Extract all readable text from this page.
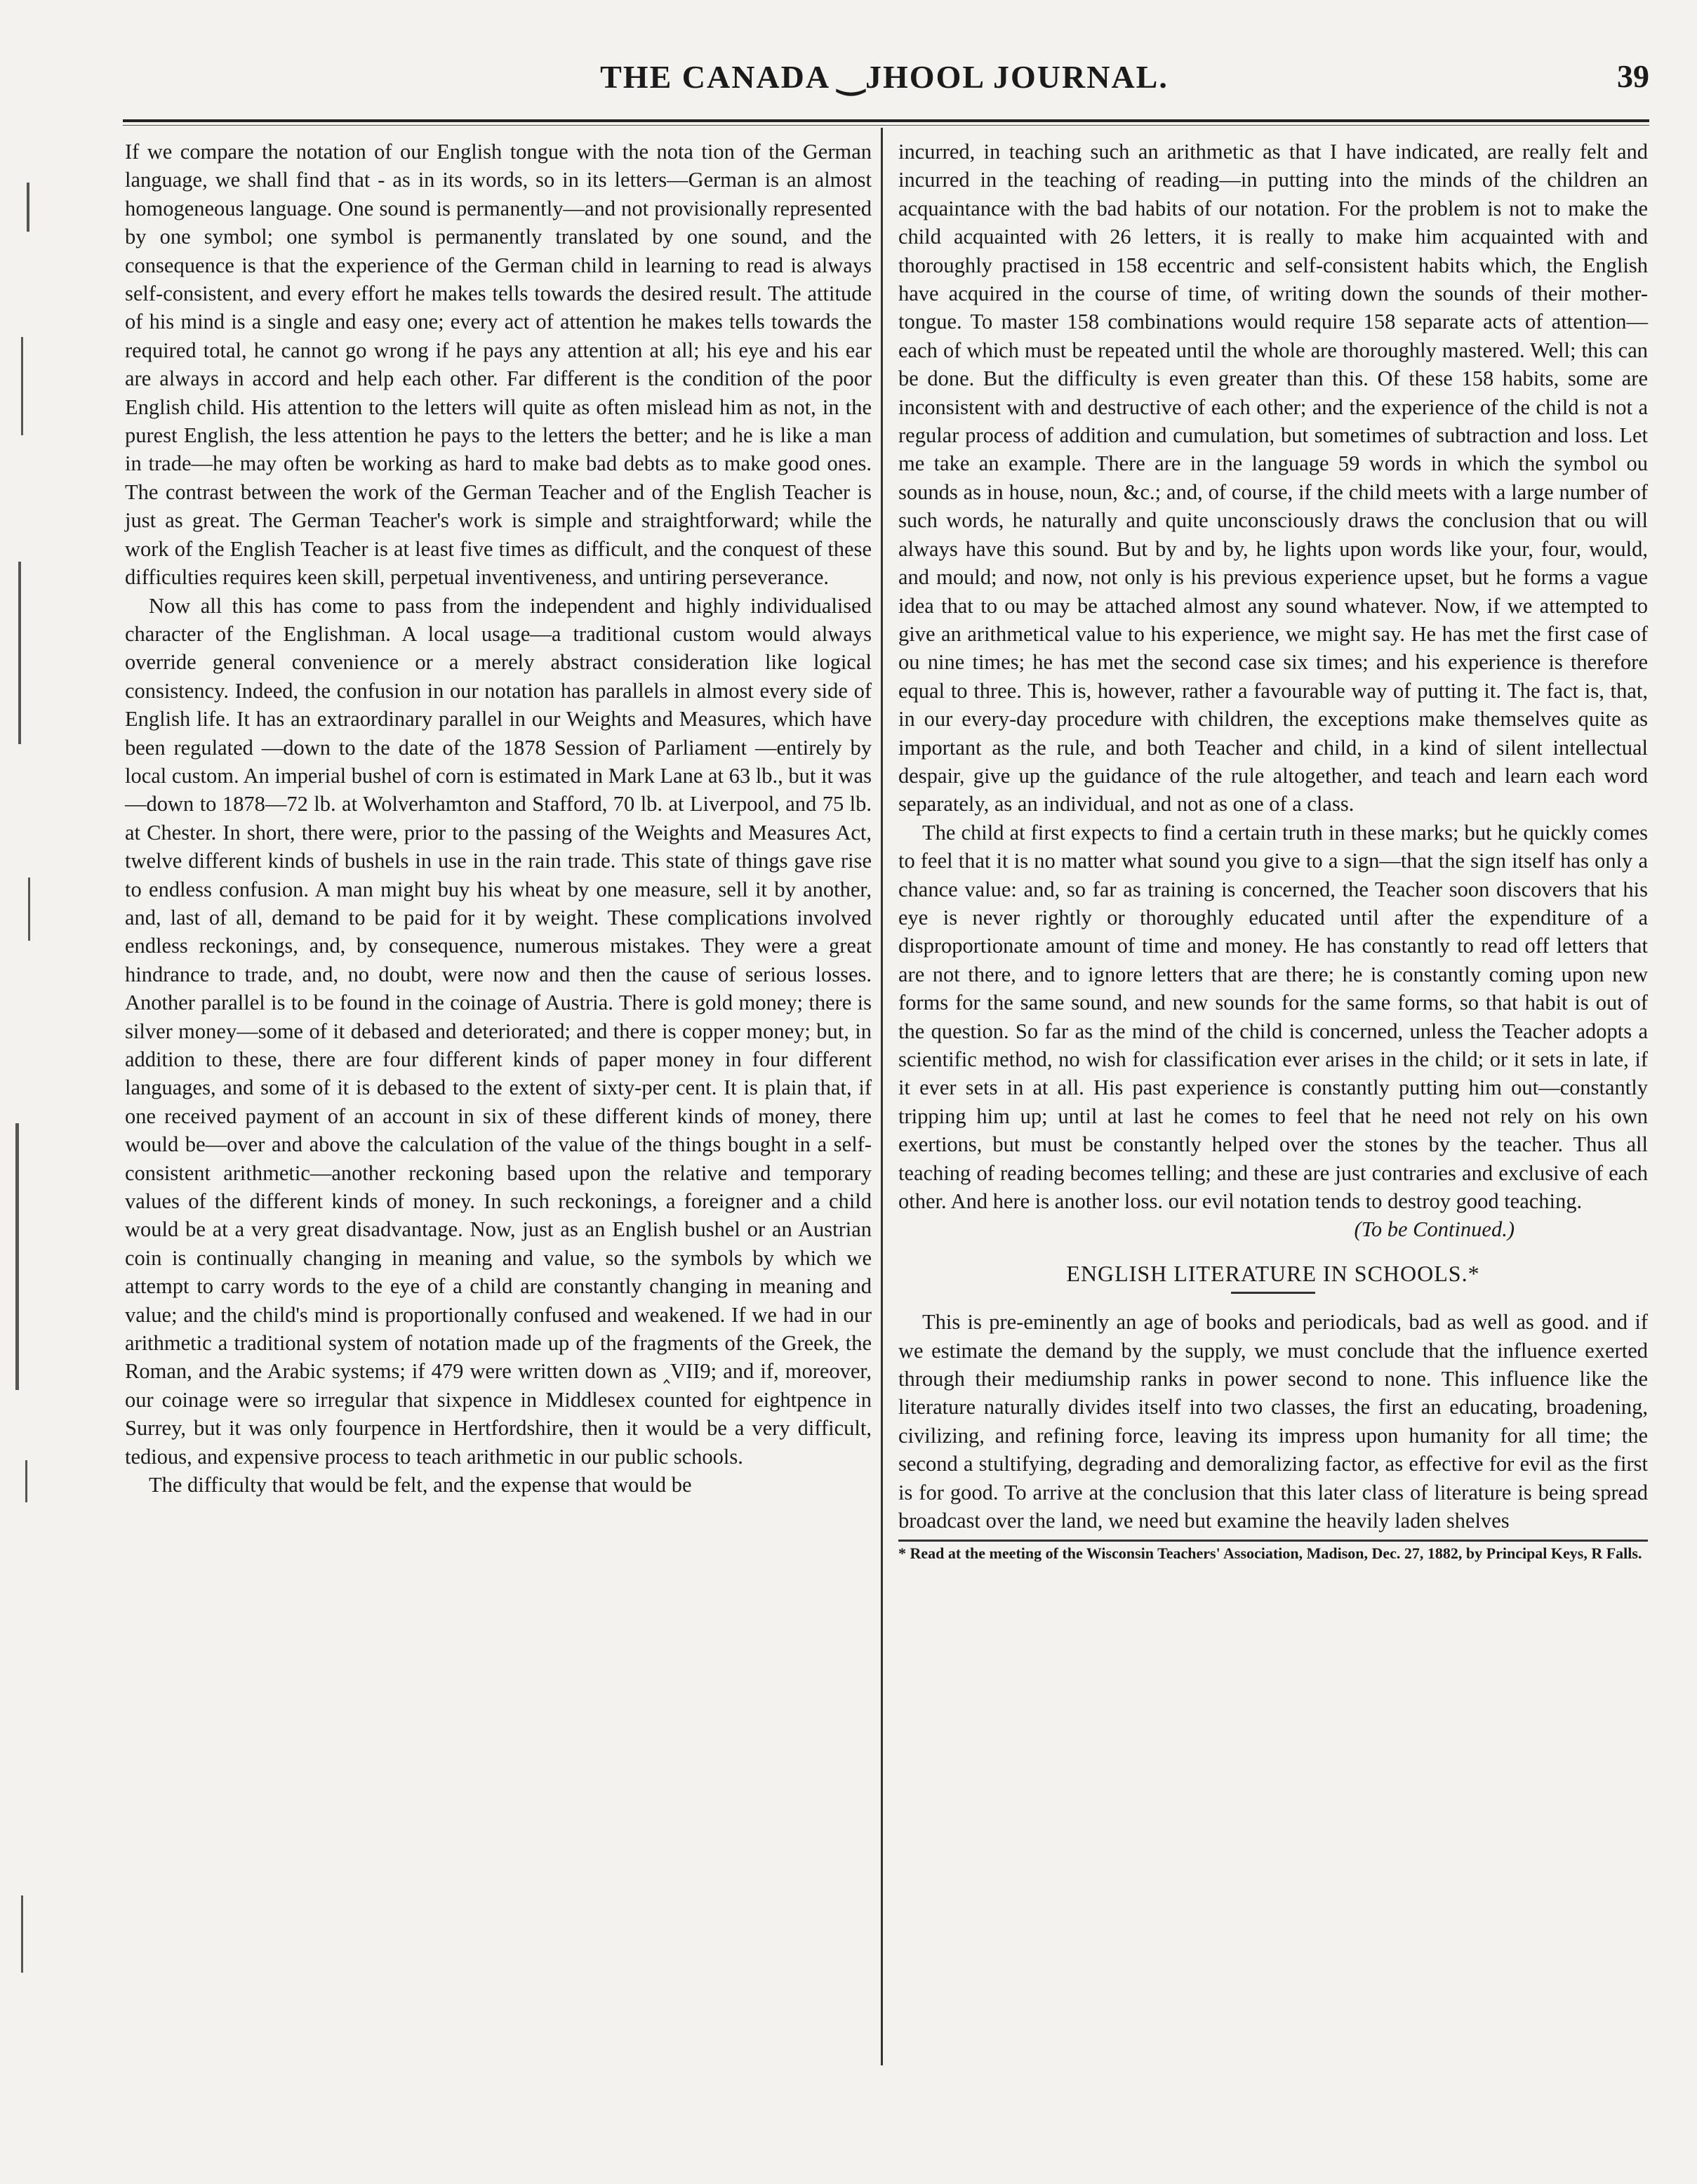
THE CANADA ‿JHOOL JOURNAL.	39

If we compare the notation of our English tongue with the nota tion of the German language, we shall find that - as in its words, so in its letters—German is an almost homogeneous language. One sound is permanently—and not provisionally represented by one symbol; one symbol is permanently translated by one sound, and the consequence is that the experience of the German child in learning to read is always self-consistent, and every effort he makes tells towards the desired result. The attitude of his mind is a single and easy one; every act of attention he makes tells towards the required total, he cannot go wrong if he pays any attention at all; his eye and his ear are always in accord and help each other. Far different is the condition of the poor English child. His attention to the letters will quite as often mislead him as not, in the purest English, the less attention he pays to the letters the better; and he is like a man in trade—he may often be working as hard to make bad debts as to make good ones. The contrast between the work of the German Teacher and of the English Teacher is just as great. The German Teacher's work is simple and straightforward; while the work of the English Teacher is at least five times as difficult, and the conquest of these difficulties requires keen skill, perpetual inventiveness, and untiring perseverance.

Now all this has come to pass from the independent and highly individualised character of the Englishman. A local usage—a traditional custom would always override general convenience or a merely abstract consideration like logical consistency. Indeed, the confusion in our notation has parallels in almost every side of English life. It has an extraordinary parallel in our Weights and Measures, which have been regulated —down to the date of the 1878 Session of Parliament —entirely by local custom. An imperial bushel of corn is estimated in Mark Lane at 63 lb., but it was—down to 1878—72 lb. at Wolverhamton and Stafford, 70 lb. at Liverpool, and 75 lb. at Chester. In short, there were, prior to the passing of the Weights and Measures Act, twelve different kinds of bushels in use in the rain trade. This state of things gave rise to endless confusion. A man might buy his wheat by one measure, sell it by another, and, last of all, demand to be paid for it by weight. These complications involved endless reckonings, and, by consequence, numerous mistakes. They were a great hindrance to trade, and, no doubt, were now and then the cause of serious losses. Another parallel is to be found in the coinage of Austria. There is gold money; there is silver money—some of it debased and deteriorated; and there is copper money; but, in addition to these, there are four different kinds of paper money in four different languages, and some of it is debased to the extent of sixty-per cent. It is plain that, if one received payment of an account in six of these different kinds of money, there would be—over and above the calculation of the value of the things bought in a self-consistent arithmetic—another reckoning based upon the relative and temporary values of the different kinds of money. In such reckonings, a foreigner and a child would be at a very great disadvantage. Now, just as an English bushel or an Austrian coin is continually changing in meaning and value, so the symbols by which we attempt to carry words to the eye of a child are constantly changing in meaning and value; and the child's mind is proportionally confused and weakened. If we had in our arithmetic a traditional system of notation made up of the fragments of the Greek, the Roman, and the Arabic systems; if 479 were written down as ‸VII9; and if, moreover, our coinage were so irregular that sixpence in Middlesex counted for eightpence in Surrey, but it was only fourpence in Hertfordshire, then it would be a very difficult, tedious, and expensive process to teach arithmetic in our public schools.

The difficulty that would be felt, and the expense that would be

incurred, in teaching such an arithmetic as that I have indicated, are really felt and incurred in the teaching of reading—in putting into the minds of the children an acquaintance with the bad habits of our notation. For the problem is not to make the child acquainted with 26 letters, it is really to make him acquainted with and thoroughly practised in 158 eccentric and self-consistent habits which, the English have acquired in the course of time, of writing down the sounds of their mother-tongue. To master 158 combinations would require 158 separate acts of attention—each of which must be repeated until the whole are thoroughly mastered. Well; this can be done. But the difficulty is even greater than this. Of these 158 habits, some are inconsistent with and destructive of each other; and the experience of the child is not a regular process of addition and cumulation, but sometimes of subtraction and loss. Let me take an example. There are in the language 59 words in which the symbol ou sounds as in house, noun, &c.; and, of course, if the child meets with a large number of such words, he naturally and quite unconsciously draws the conclusion that ou will always have this sound. But by and by, he lights upon words like your, four, would, and mould; and now, not only is his previous experience upset, but he forms a vague idea that to ou may be attached almost any sound whatever. Now, if we attempted to give an arithmetical value to his experience, we might say. He has met the first case of ou nine times; he has met the second case six times; and his experience is therefore equal to three. This is, however, rather a favourable way of putting it. The fact is, that, in our every-day procedure with children, the exceptions make themselves quite as important as the rule, and both Teacher and child, in a kind of silent intellectual despair, give up the guidance of the rule altogether, and teach and learn each word separately, as an individual, and not as one of a class.

The child at first expects to find a certain truth in these marks; but he quickly comes to feel that it is no matter what sound you give to a sign—that the sign itself has only a chance value: and, so far as training is concerned, the Teacher soon discovers that his eye is never rightly or thoroughly educated until after the expenditure of a disproportionate amount of time and money. He has constantly to read off letters that are not there, and to ignore letters that are there; he is constantly coming upon new forms for the same sound, and new sounds for the same forms, so that habit is out of the question. So far as the mind of the child is concerned, unless the Teacher adopts a scientific method, no wish for classification ever arises in the child; or it sets in late, if it ever sets in at all. His past experience is constantly putting him out—constantly tripping him up; until at last he comes to feel that he need not rely on his own exertions, but must be constantly helped over the stones by the teacher. Thus all teaching of reading becomes telling; and these are just contraries and exclusive of each other. And here is another loss. our evil notation tends to destroy good teaching.

(To be Continued.)

ENGLISH LITERATURE IN SCHOOLS.*

This is pre-eminently an age of books and periodicals, bad as well as good. and if we estimate the demand by the supply, we must conclude that the influence exerted through their mediumship ranks in power second to none. This influence like the literature naturally divides itself into two classes, the first an educating, broadening, civilizing, and refining force, leaving its impress upon humanity for all time; the second a stultifying, degrading and demoralizing factor, as effective for evil as the first is for good. To arrive at the conclusion that this later class of literature is being spread broadcast over the land, we need but examine the heavily laden shelves

* Read at the meeting of the Wisconsin Teachers' Association, Madison, Dec. 27, 1882, by Principal Keys, R Falls.
